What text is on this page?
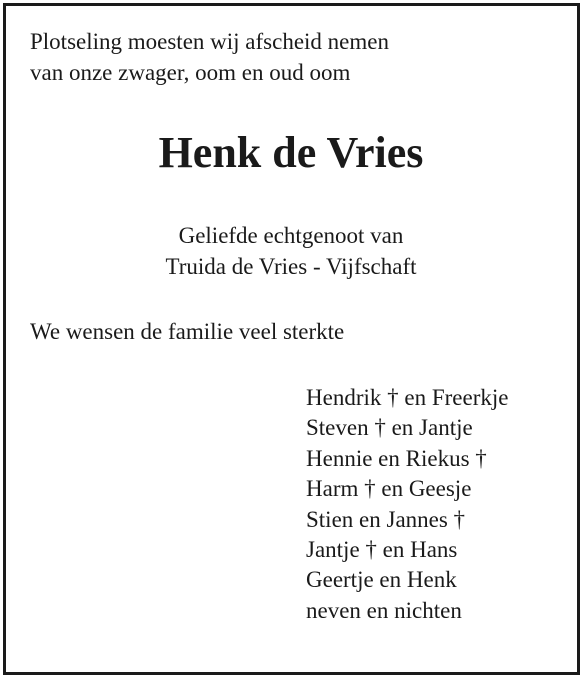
Plotseling moesten wij afscheid nemen
van onze zwager, oom en oud oom
Henk de Vries
Geliefde echtgenoot van
Truida de Vries - Vijfschaft
We wensen de familie veel sterkte
Hendrik † en Freerkje
Steven † en Jantje
Hennie en Riekus †
Harm † en Geesje
Stien en Jannes †
Jantje † en Hans
Geertje en Henk
neven en nichten
